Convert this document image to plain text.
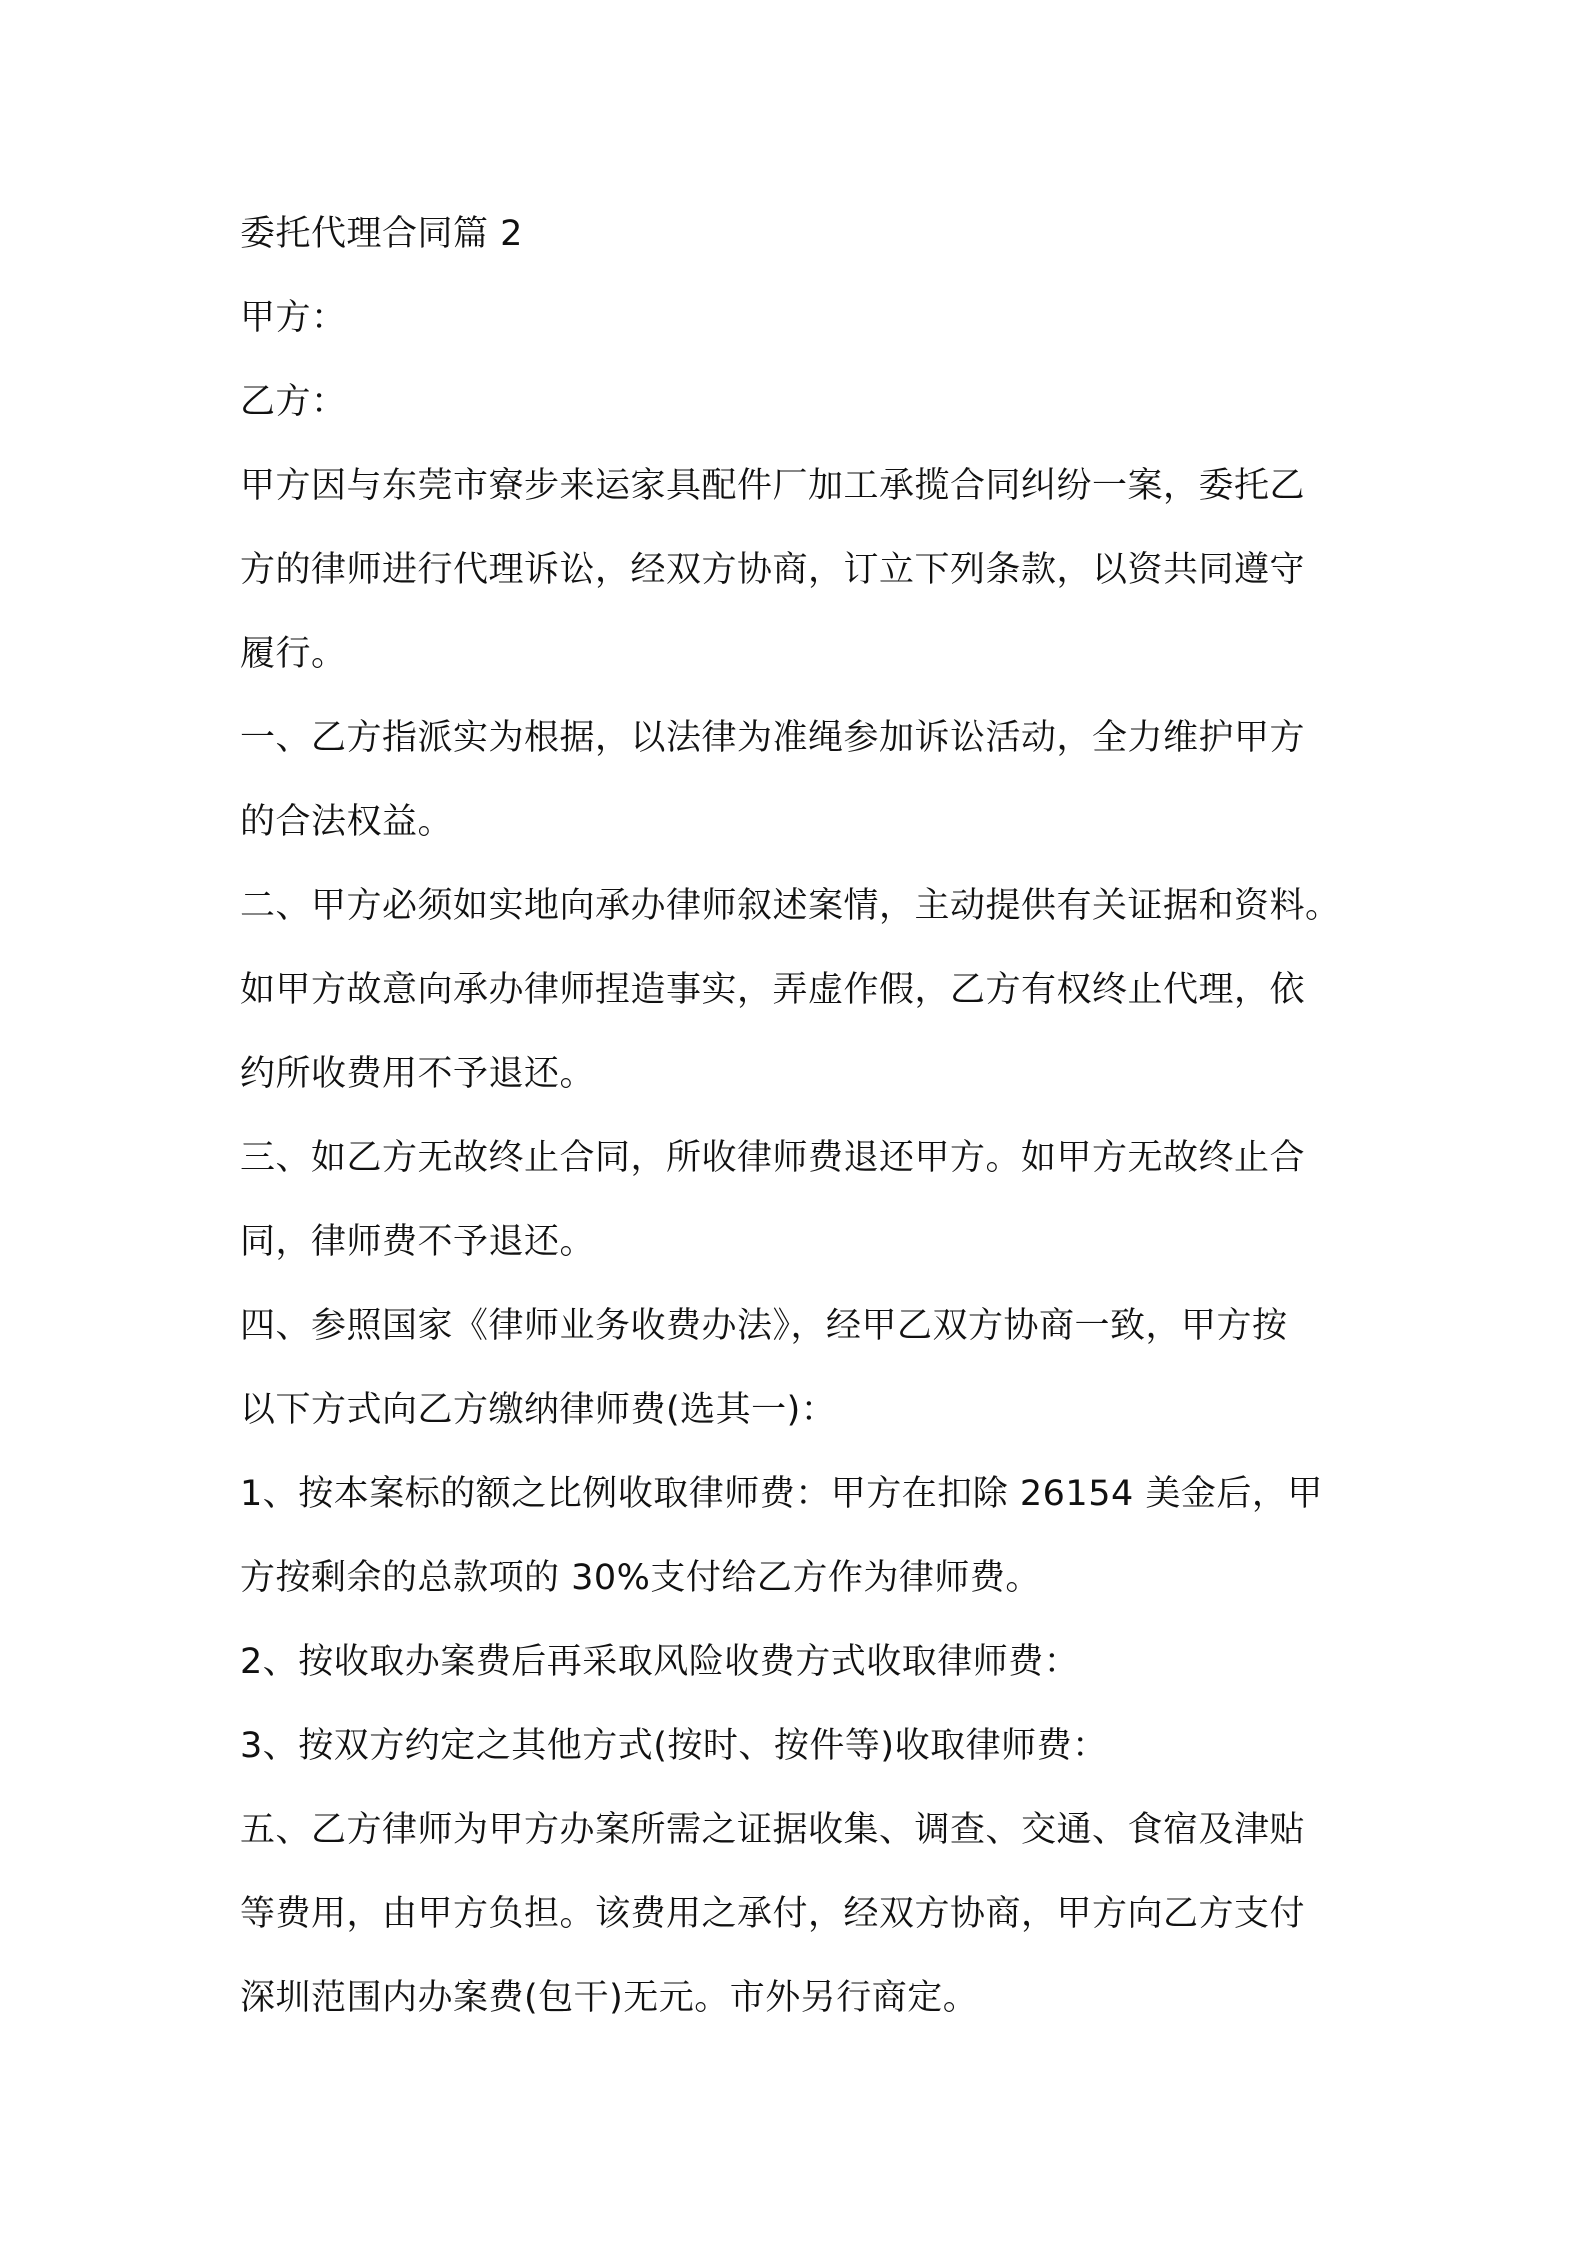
委托代理合同篇 2
甲方：
乙方：
甲方因与东莞市寮步来运家具配件厂加工承揽合同纠纷一案，委托乙
方的律师进行代理诉讼，经双方协商，订立下列条款，以资共同遵守
履行。
一、乙方指派实为根据，以法律为准绳参加诉讼活动，全力维护甲方
的合法权益。
二、甲方必须如实地向承办律师叙述案情，主动提供有关证据和资料。
如甲方故意向承办律师捏造事实，弄虚作假，乙方有权终止代理，依
约所收费用不予退还。
三、如乙方无故终止合同，所收律师费退还甲方。如甲方无故终止合
同，律师费不予退还。
四、参照国家《律师业务收费办法》，经甲乙双方协商一致，甲方按
以下方式向乙方缴纳律师费(选其一)：
1、按本案标的额之比例收取律师费：甲方在扣除 26154 美金后，甲
方按剩余的总款项的 30%支付给乙方作为律师费。
2、按收取办案费后再采取风险收费方式收取律师费：
3、按双方约定之其他方式(按时、按件等)收取律师费：
五、乙方律师为甲方办案所需之证据收集、调查、交通、食宿及津贴
等费用，由甲方负担。该费用之承付，经双方协商，甲方向乙方支付
深圳范围内办案费(包干)无元。市外另行商定。
